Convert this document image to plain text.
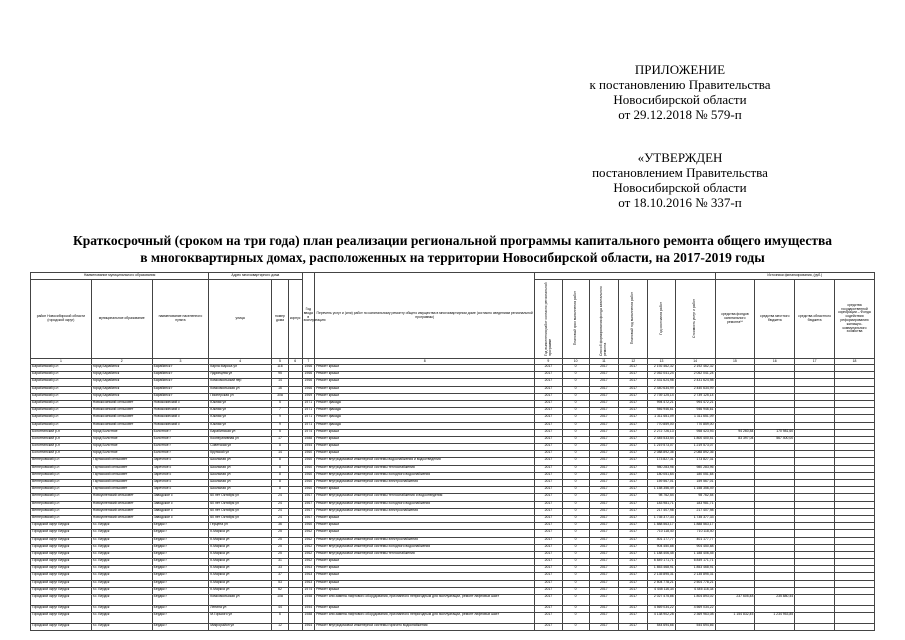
ПРИЛОЖЕНИЕ
к постановлению Правительства
Новосибирской области
от 29.12.2018 № 579-п
«УТВЕРЖДЕН
постановлением Правительства
Новосибирской области
от 18.10.2016 № 337-п
Краткосрочный (сроком на три года) план реализации региональной программы капитального ремонта общего имущества
в многоквартирных домах, расположенных на территории Новосибирской области, на 2017-2019 годы
Наименование муниципального образования			Адрес многоквартирного дома			Год ввода в эксплуатацию	Перечень услуг и (или) работ по капитальному ремонту общего имущества в многоквартирном доме (согласно сведениям региональной программы)							Источники финансирования, (руб.)			
район Новосибирской области (городской округ)	муниципальное образование	наименование населенного пункта	улица	номер дома	корпус			Год выполнения работ согласно региональной программе	Плановый срок выполнения работ	Способ формирования фонда капитального ремонта	Плановый год выполнения работ	Год окончания работ	Стоимость услуг и работ	средства фондов капитального ремонта**	средства местного бюджета	средства областного бюджета	средства государственной корпорации – Фонда содействия реформированию жилищно-коммунального хозяйства
1	2	3	4	5	6	7	8	9	10	11	12	13	14	15	16	17	18
Барабинский р-н	город Барабинск	Барабинск г	Карла Маркса ул	116		1966	Ремонт крыши	2017	0	2017	2017	2 192 462,32	2 192 462,32				
Барабинский р-н	город Барабинск	Барабинск г	Ядринцева ул	95		1966	Ремонт крыши	2017	0	2017	2017	2 052 041,24	2 052 041,24				
Барабинский р-н	город Барабинск	Барабинск г	Комсомольский пер	14		1966	Ремонт крыши	2017	0	2017	2017	2 431 624,98	2 431 624,98				
Барабинский р-н	город Барабинск	Барабинск г	Комсомольская ул	16		1966	Ремонт крыши	2017	0	2017	2017	2 440 634,99	2 440 634,99				
Барабинский р-н	город Барабинск	Барабинск г	Пионерская ул	30а		1969	Ремонт крыши	2017	0	2017	2017	2 739 125,14	2 739 125,14				
Барабинский р-н	Новокозинский сельсовет	Новокозинский с	Южная ул	5		1971	Ремонт фасада	2017	0	2017	2017	994 472,21	994 472,21				
Барабинский р-н	Новокозинский сельсовет	Новокозинский с	Южная ул	7		1971	Ремонт фасада	2017	0	2017	2017	946 946,61	946 946,61				
Барабинский р-н	Новокозинский сельсовет	Новокозинский с	Южная ул	9		1971	Ремонт фасада	2017	0	2017	2017	1 311 651,09	1 311 651,09				
Барабинский р-н	Новокозинский сельсовет	Новокозинский с	Южная ул	9		1971	Ремонт фасада	2017	0	2017	2017	770 859,00	770 859,00				
Болотнинский р-н	город Болотное	Болотное г	Барабинская ул	5		1974	Ремонт крыши	2017	0	2017	2017	2 272 726,13	958 423,93	94 260,84	170 981,60		
Болотнинский р-н	город Болотное	Болотное г	Кооперативная ул	17		1988	Ремонт крыши	2017	0	2017	2017	2 445 533,54	1 800 400,51	83 397,04	567 400,00		
Болотнинский р-н	город Болотное	Болотное г	Советская ул	8		1954	Ремонт крыши	2017	0	2017	2017	1 219 573,07	1 219 573,07				
Болотнинский р-н	город Болотное	Болотное г	Крупской ул	14		1960	Ремонт крыши	2017	0	2017	2017	2 088 892,36	2 088 892,36				
Венгеровский р-н	Тартасский сельсовет	Заречное с	Школьная ул	8		1960	Ремонт внутридомовой инженерной системы водоснабжения и водоотведения	2017	0	2017	2017	173 827,31	173 827,31				
Венгеровский р-н	Тартасский сельсовет	Заречное с	Школьная ул	8		1960	Ремонт внутридомовой инженерной системы теплоснабжения	2017	0	2017	2017	980 283,96	980 283,96				
Венгеровский р-н	Тартасский сельсовет	Заречное с	Школьная ул	8		1960	Ремонт внутридомовой инженерной системы холодного водоснабжения	2017	0	2017	2017	180 051,64	180 051,64				
Венгеровский р-н	Тартасский сельсовет	Заречное с	Школьная ул	8		1960	Ремонт внутридомовой инженерной системы электроснабжения	2017	0	2017	2017	159 567,01	159 567,01				
Венгеровский р-н	Тартасский сельсовет	Заречное с	Школьная ул	8		1960	Ремонт крыши	2017	0	2017	2017	1 158 356,49	1 158 356,49				
Венгеровский р-н	Новоуспенский сельсовет	Заводское с	60 лет Октября ул	24		1967	Ремонт внутридомовой инженерной системы теплоснабжения и водоотведения	2017	0	2017	2017	98 762,54	98 762,54				
Венгеровский р-н	Новоуспенский сельсовет	Заводское с	60 лет Октября ул	24		1967	Ремонт внутридомовой инженерной системы холодного водоснабжения	2017	0	2017	2017	183 981,71	183 981,71				
Венгеровский р-н	Новоуспенский сельсовет	Заводское с	60 лет Октября ул	24		1967	Ремонт внутридомовой инженерной системы электроснабжения	2017	0	2017	2017	217 407,98	217 407,98				
Венгеровский р-н	Новоуспенский сельсовет	Заводское с	60 лет Октября ул	24		1967	Ремонт крыши	2017	0	2017	2017	1 735 377,33	1 735 377,33				
Городской округ Бердск	г.о. Бердск	Бердск г	Герцена ул	36		1960	Ремонт крыши	2017	0	2017	2017	1 888 563,17	1 888 563,17				
Городской округ Бердск	г.о. Бердск	Бердск г	К.Маркса ул	25		1962	Ремонт крыши	2017	0	2017	2017	710 118,40	710 118,40				
Городской округ Бердск	г.о. Бердск	Бердск г	К.Маркса ул	25		1962	Ремонт внутридомовой инженерной системы электроснабжения	2017	0	2017	2017	401 177,77	401 177,77				
Городской округ Бердск	г.о. Бердск	Бердск г	К.Маркса ул	25		1962	Ремонт внутридомовой инженерной системы холодного водоснабжения	2017	0	2017	2017	904 450,88	904 450,88				
Городской округ Бердск	г.о. Бердск	Бердск г	К.Маркса ул	25		1962	Ремонт внутридомовой инженерной системы теплоснабжения	2017	0	2017	2017	1 188 406,45	1 188 406,45				
Городской округ Бердск	г.о. Бердск	Бердск г	К.Маркса ул	31		1962	Ремонт крыши	2017	0	2017	2017	6 849 171,71	6 849 171,71				
Городской округ Бердск	г.о. Бердск	Бердск г	К.Маркса ул	33		1963	Ремонт крыши	2017	0	2017	2017	1 853 468,91	1 853 468,91				
Городской округ Бердск	г.о. Бердск	Бердск г	К.Маркса ул	37		1963	Ремонт крыши	2017	0	2017	2017	2 135 895,31	2 135 895,31				
Городской округ Бердск	г.о. Бердск	Бердск г	К.Маркса ул	53		1963	Ремонт крыши	2017	0	2017	2017	2 504 778,21	2 504 778,21				
Городской округ Бердск	г.о. Бердск	Бердск г	К.Маркса ул	62		1974	Ремонт крыши	2017	0	2017	2017	4 445 116,34	4 445 116,34				
Городской округ Бердск	г.о. Бердск	Бердск г	Комсомольская ул	10а		1958	Ремонт или замена лифтового оборудования, признанного непригодным для эксплуатации, ремонт лифтовых шахт	2017	0	2017	2017	2 027 475,86	1 804 893,02	237 605,48	235 880,44		
Городской округ Бердск	г.о. Бердск	Бердск г	Ленина ул	44		1954	Ремонт крыши	2017	0	2017	2017	4 569 034,22	4 569 034,22				
Городской округ Бердск	г.о. Бердск	Бердск г	М.Горького ул	6		1988	Ремонт или замена лифтового оборудования, признанного непригодным для эксплуатации, ремонт лифтовых шахт	2017	0	2017	2017	4 138 902,28	2 369 963,08	1 154 832,45	1 234 953,85		
Городской округ Бердск	г.о. Бердск	Бердск г	Микрорайон ул	12		1964	Ремонт внутридомовой инженерной системы горячего водоснабжения	2017	0	2017	2017	544 694,66	544 694,66				
